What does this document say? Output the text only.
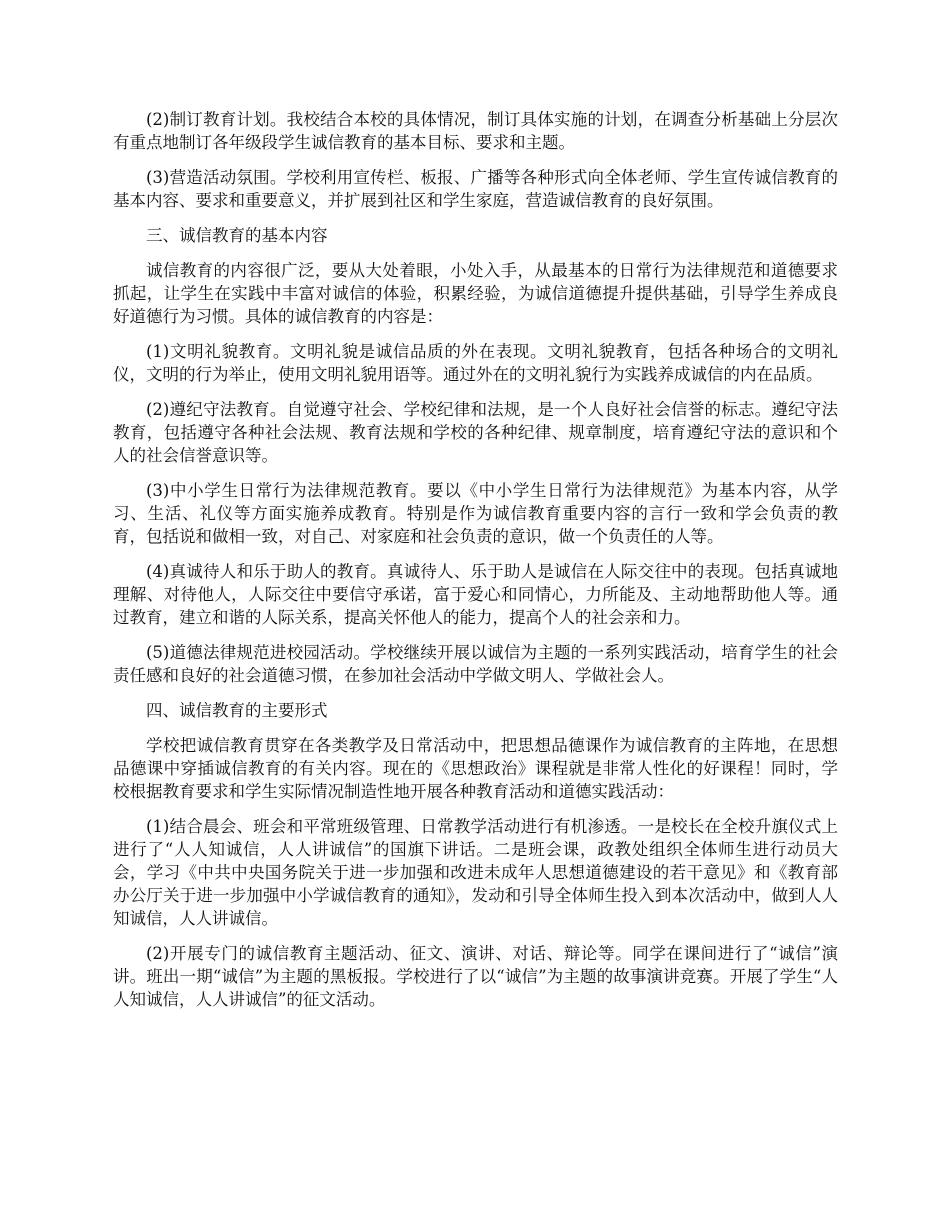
(2)制订教育计划。我校结合本校的具体情况，制订具体实施的计划，在调查分析基础上分层次有重点地制订各年级段学生诚信教育的基本目标、要求和主题。

(3)营造活动氛围。学校利用宣传栏、板报、广播等各种形式向全体老师、学生宣传诚信教育的基本内容、要求和重要意义，并扩展到社区和学生家庭，营造诚信教育的良好氛围。

三、诚信教育的基本内容

诚信教育的内容很广泛，要从大处着眼，小处入手，从最基本的日常行为法律规范和道德要求抓起，让学生在实践中丰富对诚信的体验，积累经验，为诚信道德提升提供基础，引导学生养成良好道德行为习惯。具体的诚信教育的内容是：

(1)文明礼貌教育。文明礼貌是诚信品质的外在表现。文明礼貌教育，包括各种场合的文明礼仪，文明的行为举止，使用文明礼貌用语等。通过外在的文明礼貌行为实践养成诚信的内在品质。

(2)遵纪守法教育。自觉遵守社会、学校纪律和法规，是一个人良好社会信誉的标志。遵纪守法教育，包括遵守各种社会法规、教育法规和学校的各种纪律、规章制度，培育遵纪守法的意识和个人的社会信誉意识等。

(3)中小学生日常行为法律规范教育。要以《中小学生日常行为法律规范》为基本内容，从学习、生活、礼仪等方面实施养成教育。特别是作为诚信教育重要内容的言行一致和学会负责的教育，包括说和做相一致，对自己、对家庭和社会负责的意识，做一个负责任的人等。

(4)真诚待人和乐于助人的教育。真诚待人、乐于助人是诚信在人际交往中的表现。包括真诚地理解、对待他人，人际交往中要信守承诺，富于爱心和同情心，力所能及、主动地帮助他人等。通过教育，建立和谐的人际关系，提高关怀他人的能力，提高个人的社会亲和力。

(5)道德法律规范进校园活动。学校继续开展以诚信为主题的一系列实践活动，培育学生的社会责任感和良好的社会道德习惯，在参加社会活动中学做文明人、学做社会人。

四、诚信教育的主要形式

学校把诚信教育贯穿在各类教学及日常活动中，把思想品德课作为诚信教育的主阵地，在思想品德课中穿插诚信教育的有关内容。现在的《思想政治》课程就是非常人性化的好课程！同时，学校根据教育要求和学生实际情况制造性地开展各种教育活动和道德实践活动：

(1)结合晨会、班会和平常班级管理、日常教学活动进行有机渗透。一是校长在全校升旗仪式上进行了“人人知诚信，人人讲诚信”的国旗下讲话。二是班会课，政教处组织全体师生进行动员大会，学习《中共中央国务院关于进一步加强和改进未成年人思想道德建设的若干意见》和《教育部办公厅关于进一步加强中小学诚信教育的通知》，发动和引导全体师生投入到本次活动中，做到人人知诚信，人人讲诚信。

(2)开展专门的诚信教育主题活动、征文、演讲、对话、辩论等。同学在课间进行了“诚信”演讲。班出一期“诚信”为主题的黑板报。学校进行了以“诚信”为主题的故事演讲竞赛。开展了学生“人人知诚信，人人讲诚信”的征文活动。
